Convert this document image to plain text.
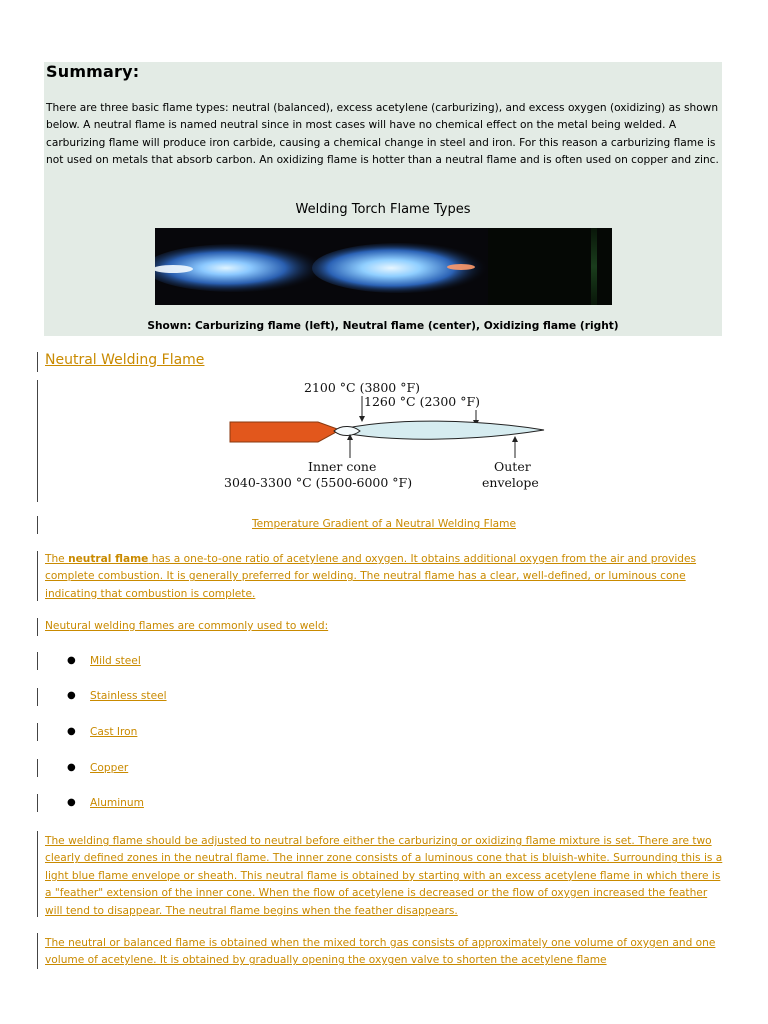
Summary:

There are three basic flame types: neutral (balanced), excess acetylene (carburizing), and excess oxygen (oxidizing) as shown below. A neutral flame is named neutral since in most cases will have no chemical effect on the metal being welded. A carburizing flame will produce iron carbide, causing a chemical change in steel and iron. For this reason a carburizing flame is not used on metals that absorb carbon. An oxidizing flame is hotter than a neutral flame and is often used on copper and zinc.

Welding Torch Flame Types
Shown: Carburizing flame (left), Neutral flame (center), Oxidizing flame (right)
Neutral Welding Flame
2100 °C (3800 °F)
1260 °C (2300 °F)
Inner cone	Outer
3040-3300 °C (5500-6000 °F)	envelope
Temperature Gradient of a Neutral Welding Flame

The neutral flame has a one-to-one ratio of acetylene and oxygen. It obtains additional oxygen from the air and provides complete combustion. It is generally preferred for welding. The neutral flame has a clear, well-defined, or luminous cone indicating that combustion is complete.

Neutural welding flames are commonly used to weld:
● Mild steel
● Stainless steel
● Cast Iron
● Copper
● Aluminum

The welding flame should be adjusted to neutral before either the carburizing or oxidizing flame mixture is set. There are two clearly defined zones in the neutral flame. The inner zone consists of a luminous cone that is bluish-white. Surrounding this is a light blue flame envelope or sheath. This neutral flame is obtained by starting with an excess acetylene flame in which there is a "feather" extension of the inner cone. When the flow of acetylene is decreased or the flow of oxygen increased the feather will tend to disappear. The neutral flame begins when the feather disappears.

The neutral or balanced flame is obtained when the mixed torch gas consists of approximately one volume of oxygen and one volume of acetylene. It is obtained by gradually opening the oxygen valve to shorten the acetylene flame
